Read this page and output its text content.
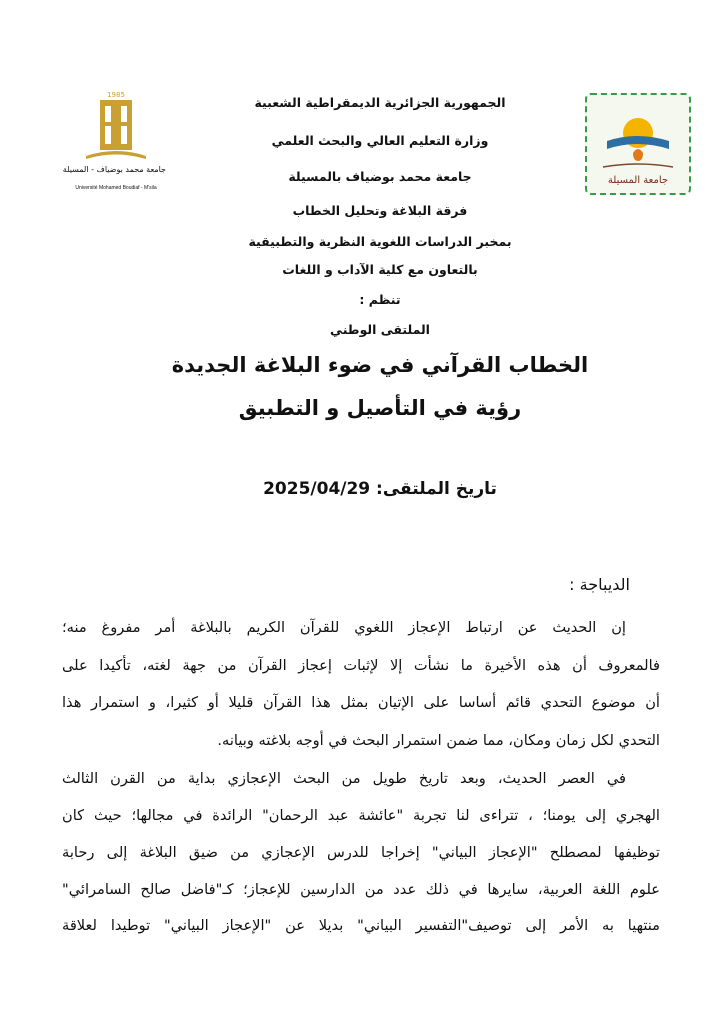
1985
جامعة محمد بوضياف - المسيلة
Université Mohamed Boudiaf - M'sila
جامعة المسيلة
الجمهورية الجزائرية الديمقراطية الشعبية
وزارة التعليم العالي والبحث العلمي
جامعة محمد بوضياف بالمسيلة
فرقة البلاغة وتحليل الخطاب
بمخبر الدراسات اللغوية النظرية والتطبيقية
بالتعاون مع كلية الآداب و اللغات
تنظم :
الملتقى الوطني
الخطاب القرآني في ضوء البلاغة الجديدة
رؤية في التأصيل و التطبيق
تاريخ الملتقى: 2025/04/29
الديباجة :
إن الحديث عن ارتباط الإعجاز اللغوي للقرآن الكريم بالبلاغة أمر مفروغ منه؛
فالمعروف أن هذه الأخيرة ما نشأت إلا لإثبات إعجاز القرآن من جهة لغته، تأكيدا على
أن موضوع التحدي قائم أساسا على الإتيان بمثل هذا القرآن قليلا أو كثيرا، و استمرار هذا
التحدي لكل زمان ومكان، مما ضمن استمرار البحث في أوجه بلاغته وبيانه.
في العصر الحديث، وبعد تاريخ طويل من البحث الإعجازي بداية من القرن الثالث
الهجري إلى يومنا؛ ، تتراءى لنا تجربة "عائشة عبد الرحمان" الرائدة في مجالها؛ حيث كان
توظيفها لمصطلح "الإعجاز البياني" إخراجا للدرس الإعجازي من ضيق البلاغة إلى رحابة
علوم اللغة العربية، سايرها في ذلك عدد من الدارسين للإعجاز؛ كـ"فاضل صالح السامرائي"
منتهيا به الأمر إلى توصيف"التفسير البياني" بديلا عن "الإعجاز البياني" توطيدا لعلاقة
